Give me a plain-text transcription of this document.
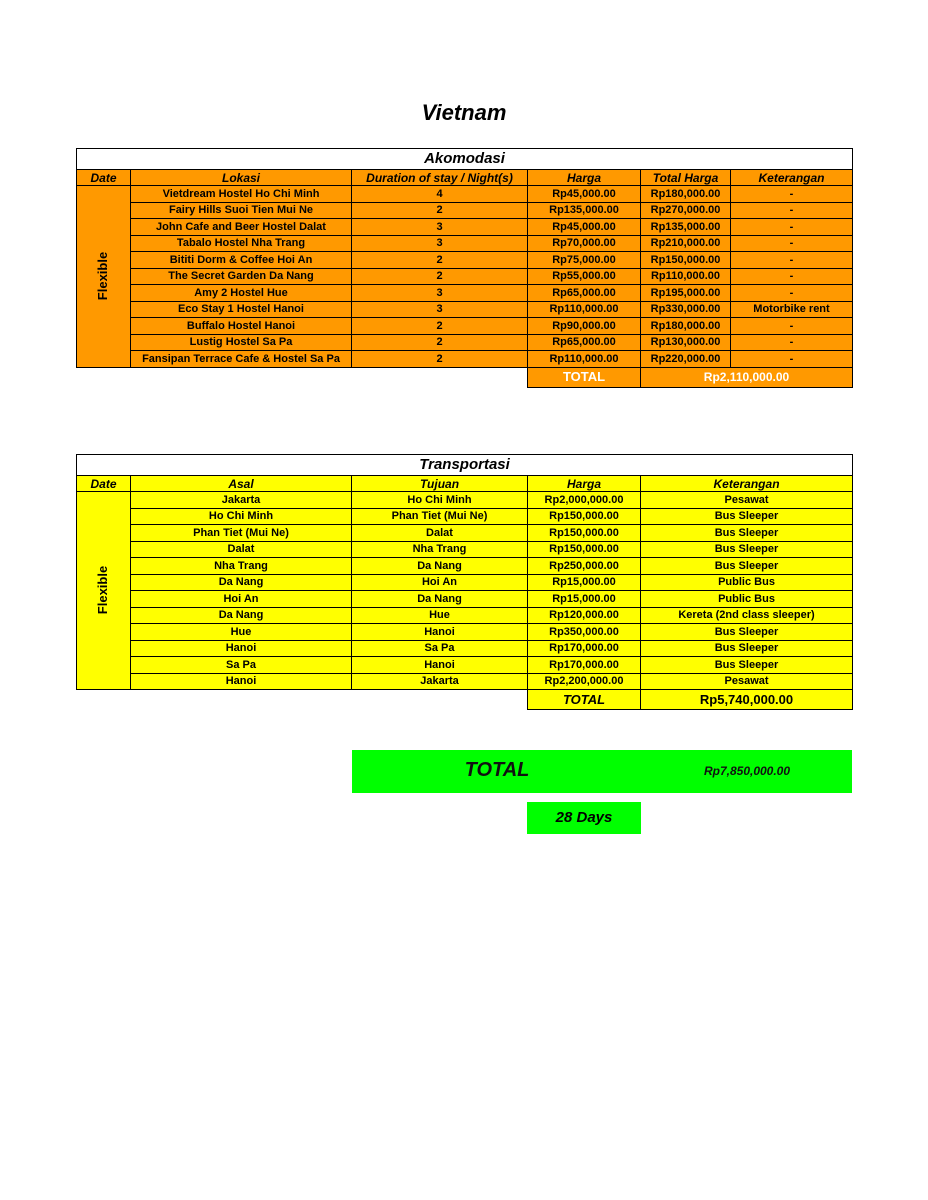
Vietnam
Akomodasi					
Date	Lokasi	Duration of stay / Night(s)	Harga	Total Harga	Keterangan
Flexible	Vietdream Hostel Ho Chi Minh	4	Rp45,000.00	Rp180,000.00	-
	Fairy Hills Suoi Tien Mui Ne	2	Rp135,000.00	Rp270,000.00	-
	John Cafe and Beer Hostel Dalat	3	Rp45,000.00	Rp135,000.00	-
	Tabalo Hostel Nha Trang	3	Rp70,000.00	Rp210,000.00	-
	Bititi Dorm & Coffee Hoi An	2	Rp75,000.00	Rp150,000.00	-
	The Secret Garden Da Nang	2	Rp55,000.00	Rp110,000.00	-
	Amy 2 Hostel Hue	3	Rp65,000.00	Rp195,000.00	-
	Eco Stay 1 Hostel Hanoi	3	Rp110,000.00	Rp330,000.00	Motorbike rent
	Buffalo Hostel Hanoi	2	Rp90,000.00	Rp180,000.00	-
	Lustig Hostel Sa Pa	2	Rp65,000.00	Rp130,000.00	-
	Fansipan Terrace Cafe & Hostel Sa Pa	2	Rp110,000.00	Rp220,000.00	-
			TOTAL	Rp2,110,000.00	
Transportasi				
Date	Asal	Tujuan	Harga	Keterangan
Flexible	Jakarta	Ho Chi Minh	Rp2,000,000.00	Pesawat
	Ho Chi Minh	Phan Tiet (Mui Ne)	Rp150,000.00	Bus Sleeper
	Phan Tiet (Mui Ne)	Dalat	Rp150,000.00	Bus Sleeper
	Dalat	Nha Trang	Rp150,000.00	Bus Sleeper
	Nha Trang	Da Nang	Rp250,000.00	Bus Sleeper
	Da Nang	Hoi An	Rp15,000.00	Public Bus
	Hoi An	Da Nang	Rp15,000.00	Public Bus
	Da Nang	Hue	Rp120,000.00	Kereta (2nd class sleeper)
	Hue	Hanoi	Rp350,000.00	Bus Sleeper
	Hanoi	Sa Pa	Rp170,000.00	Bus Sleeper
	Sa Pa	Hanoi	Rp170,000.00	Bus Sleeper
	Hanoi	Jakarta	Rp2,200,000.00	Pesawat
			TOTAL	Rp5,740,000.00
TOTAL	Rp7,850,000.00
28 Days
